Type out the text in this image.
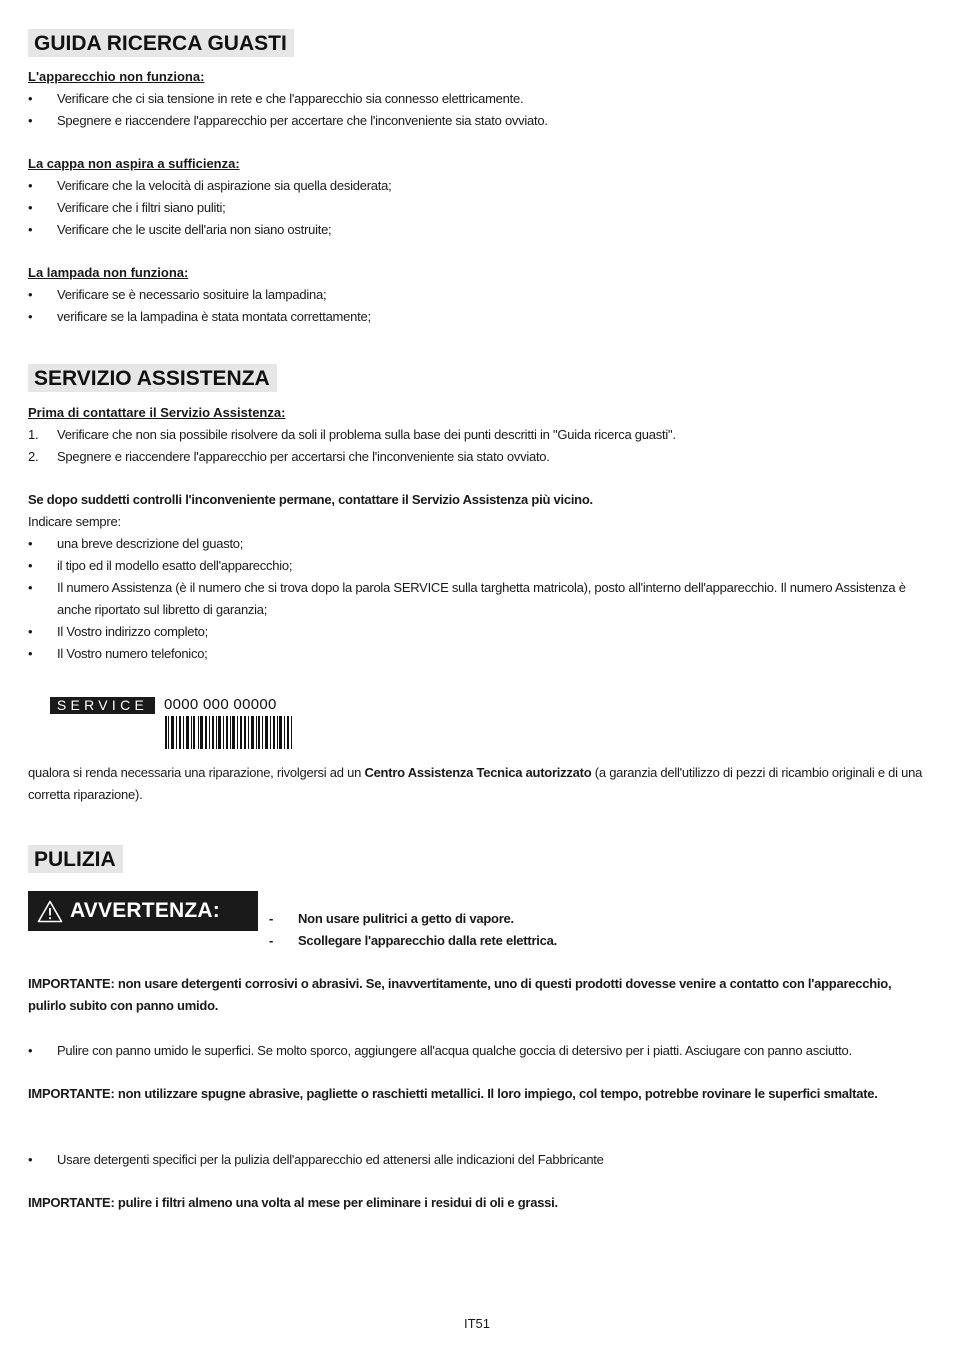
GUIDA RICERCA GUASTI
L'apparecchio non funziona:
•	Verificare che ci sia tensione in rete e che l'apparecchio sia connesso elettricamente.
•	Spegnere e riaccendere l'apparecchio per accertare che l'inconveniente sia stato ovviato.
La cappa non aspira a sufficienza:
•	Verificare che la velocità di aspirazione sia quella desiderata;
•	Verificare che i filtri siano puliti;
•	Verificare che le uscite dell'aria non siano ostruite;
La lampada non funziona:
•	Verificare se è necessario sosituire la lampadina;
•	verificare se la lampadina è stata montata correttamente;
SERVIZIO ASSISTENZA
Prima di contattare il Servizio Assistenza:
1.	Verificare che non sia possibile risolvere da soli il problema sulla base dei punti descritti in "Guida ricerca guasti".
2.	Spegnere e riaccendere l'apparecchio per accertarsi che l'inconveniente sia stato ovviato.
Se dopo suddetti controlli l'inconveniente permane, contattare il Servizio Assistenza più vicino.
Indicare sempre:
•	una breve descrizione del guasto;
•	il tipo ed il modello esatto dell'apparecchio;
•	Il numero Assistenza (è il numero che si trova dopo la parola SERVICE sulla targhetta matricola), posto all'interno dell'apparecchio. Il numero Assistenza è anche riportato sul libretto di garanzia;
•	Il Vostro indirizzo completo;
•	Il Vostro numero telefonico;
SERVICE	0000 000 00000
qualora si renda necessaria una riparazione, rivolgersi ad un Centro Assistenza Tecnica autorizzato (a garanzia dell'utilizzo di pezzi di ricambio originali e di una corretta riparazione).
PULIZIA
AVVERTENZA:	-	Non usare pulitrici a getto di vapore.
-	Scollegare l'apparecchio dalla rete elettrica.
IMPORTANTE: non usare detergenti corrosivi o abrasivi. Se, inavvertitamente, uno di questi prodotti dovesse venire a contatto con l'apparecchio, pulirlo subito con panno umido.
•	Pulire con panno umido le superfici. Se molto sporco, aggiungere all'acqua qualche goccia di detersivo per i piatti. Asciugare con panno asciutto.
IMPORTANTE: non utilizzare spugne abrasive, pagliette o raschietti metallici. Il loro impiego, col tempo, potrebbe rovinare le superfici smaltate.
•	Usare detergenti specifici per la pulizia dell'apparecchio ed attenersi alle indicazioni del Fabbricante
IMPORTANTE: pulire i filtri almeno una volta al mese per eliminare i residui di oli e grassi.
IT51
